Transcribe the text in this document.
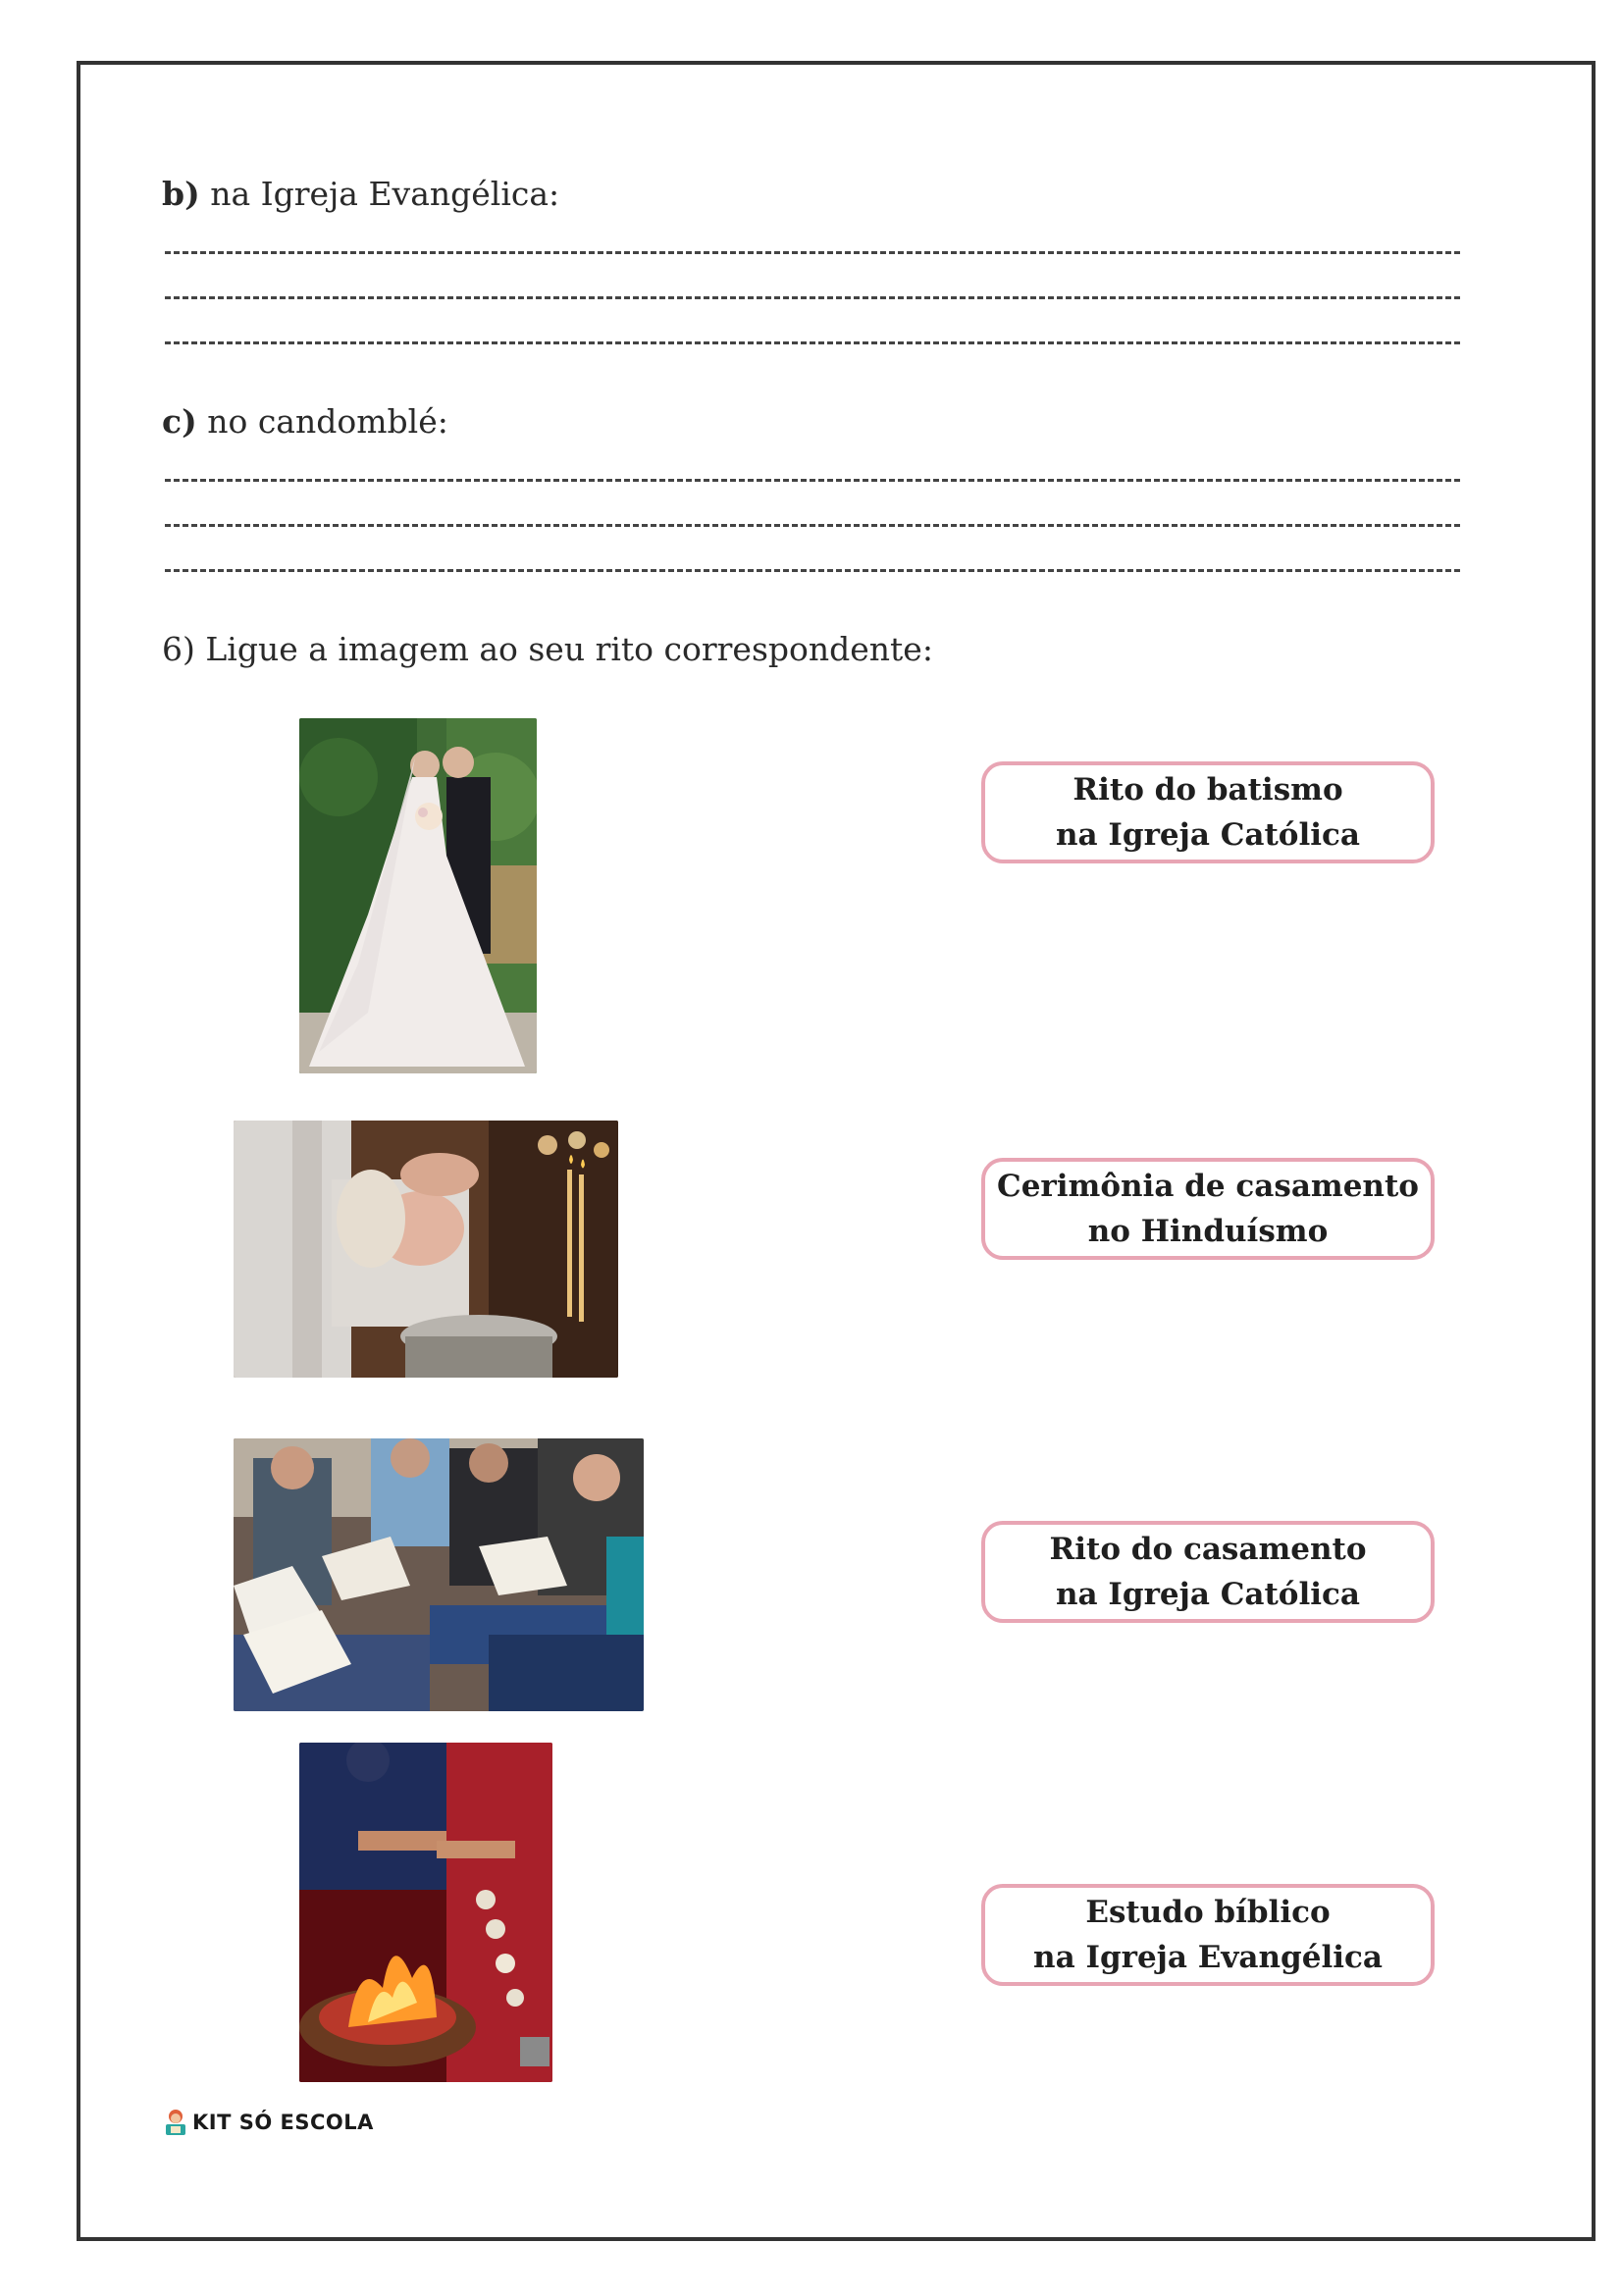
b) na Igreja Evangélica:
c) no candomblé:
6) Ligue a imagem ao seu rito correspondente:
Rito do batismo
na Igreja Católica
Cerimônia de casamento
no Hinduísmo
Rito do casamento
na Igreja Católica
Estudo bíblico
na Igreja Evangélica
KIT SÓ ESCOLA
